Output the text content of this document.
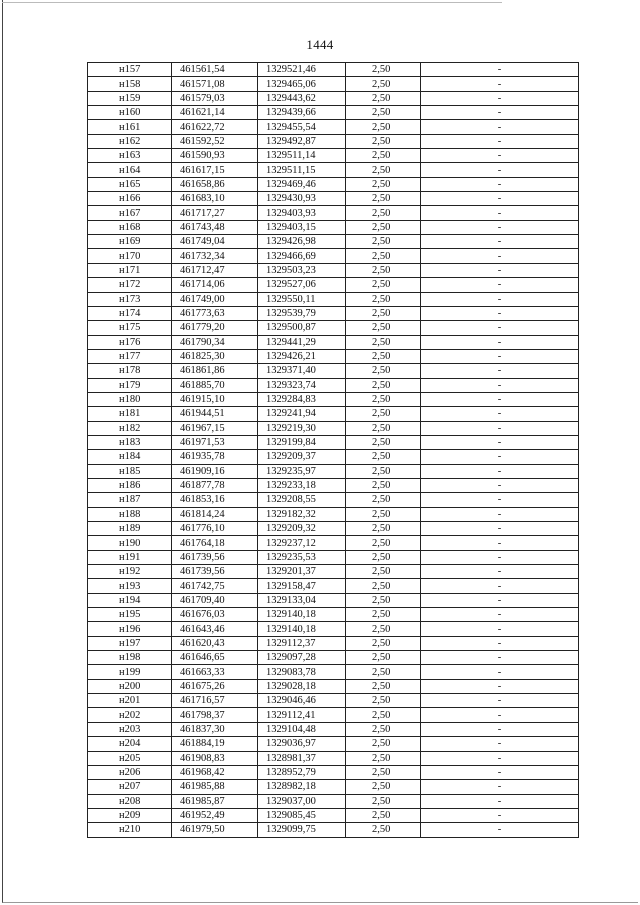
1444
н157	461561,54	1329521,46	2,50	-
н158	461571,08	1329465,06	2,50	-
н159	461579,03	1329443,62	2,50	-
н160	461621,14	1329439,66	2,50	-
н161	461622,72	1329455,54	2,50	-
н162	461592,52	1329492,87	2,50	-
н163	461590,93	1329511,14	2,50	-
н164	461617,15	1329511,15	2,50	-
н165	461658,86	1329469,46	2,50	-
н166	461683,10	1329430,93	2,50	-
н167	461717,27	1329403,93	2,50	-
н168	461743,48	1329403,15	2,50	-
н169	461749,04	1329426,98	2,50	-
н170	461732,34	1329466,69	2,50	-
н171	461712,47	1329503,23	2,50	-
н172	461714,06	1329527,06	2,50	-
н173	461749,00	1329550,11	2,50	-
н174	461773,63	1329539,79	2,50	-
н175	461779,20	1329500,87	2,50	-
н176	461790,34	1329441,29	2,50	-
н177	461825,30	1329426,21	2,50	-
н178	461861,86	1329371,40	2,50	-
н179	461885,70	1329323,74	2,50	-
н180	461915,10	1329284,83	2,50	-
н181	461944,51	1329241,94	2,50	-
н182	461967,15	1329219,30	2,50	-
н183	461971,53	1329199,84	2,50	-
н184	461935,78	1329209,37	2,50	-
н185	461909,16	1329235,97	2,50	-
н186	461877,78	1329233,18	2,50	-
н187	461853,16	1329208,55	2,50	-
н188	461814,24	1329182,32	2,50	-
н189	461776,10	1329209,32	2,50	-
н190	461764,18	1329237,12	2,50	-
н191	461739,56	1329235,53	2,50	-
н192	461739,56	1329201,37	2,50	-
н193	461742,75	1329158,47	2,50	-
н194	461709,40	1329133,04	2,50	-
н195	461676,03	1329140,18	2,50	-
н196	461643,46	1329140,18	2,50	-
н197	461620,43	1329112,37	2,50	-
н198	461646,65	1329097,28	2,50	-
н199	461663,33	1329083,78	2,50	-
н200	461675,26	1329028,18	2,50	-
н201	461716,57	1329046,46	2,50	-
н202	461798,37	1329112,41	2,50	-
н203	461837,30	1329104,48	2,50	-
н204	461884,19	1329036,97	2,50	-
н205	461908,83	1328981,37	2,50	-
н206	461968,42	1328952,79	2,50	-
н207	461985,88	1328982,18	2,50	-
н208	461985,87	1329037,00	2,50	-
н209	461952,49	1329085,45	2,50	-
н210	461979,50	1329099,75	2,50	-
